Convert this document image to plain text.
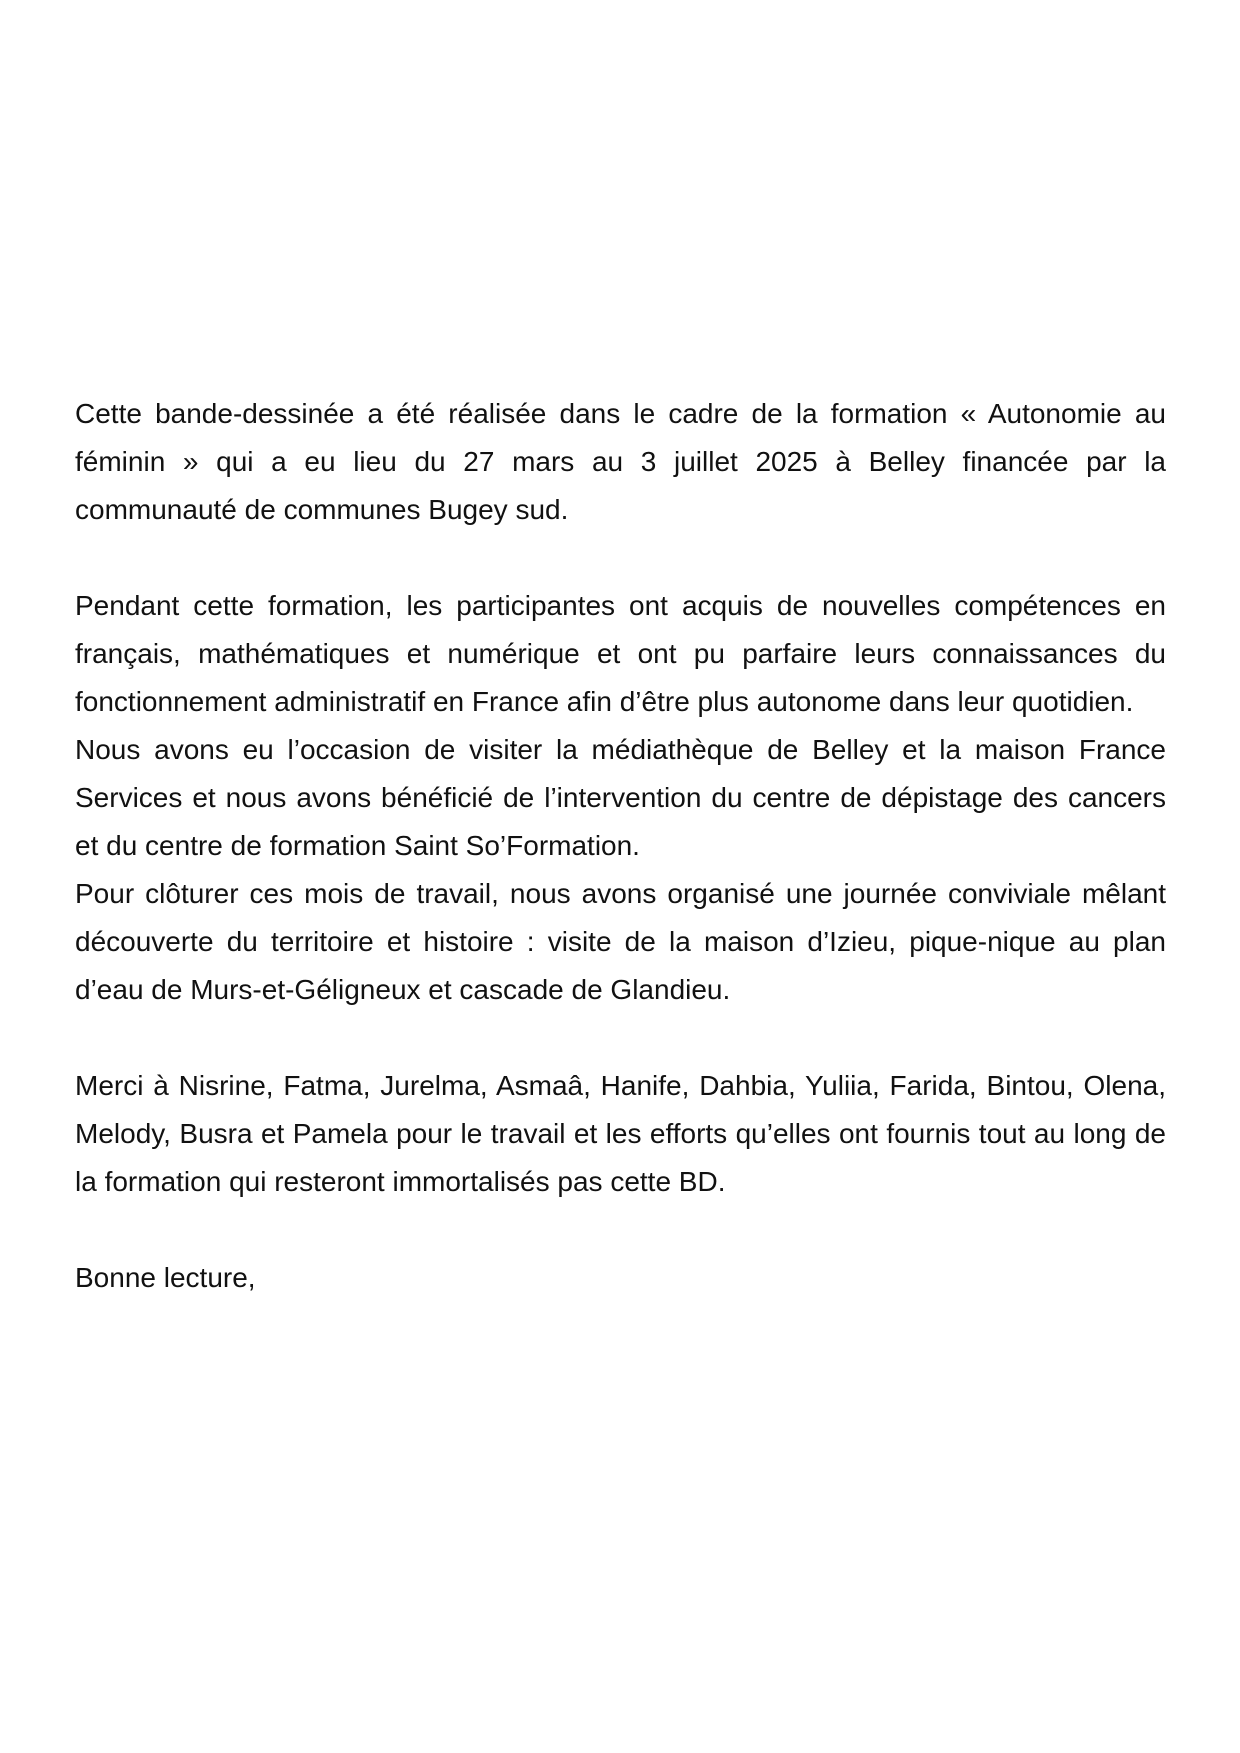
Cette bande-dessinée a été réalisée dans le cadre de la formation « Autonomie au féminin » qui a eu lieu du 27 mars au 3 juillet 2025 à Belley financée par la communauté de communes Bugey sud.

Pendant cette formation, les participantes ont acquis de nouvelles compétences en français, mathématiques et numérique et ont pu parfaire leurs connaissances du fonctionnement administratif en France afin d’être plus autonome dans leur quotidien.

Nous avons eu l’occasion de visiter la médiathèque de Belley et la maison France Services et nous avons bénéficié de l’intervention du centre de dépistage des cancers et du centre de formation Saint So’Formation.

Pour clôturer ces mois de travail, nous avons organisé une journée conviviale mêlant découverte du territoire et histoire : visite de la maison d’Izieu, pique-nique au plan d’eau de Murs-et-Géligneux et cascade de Glandieu.

Merci à Nisrine, Fatma, Jurelma, Asmaâ, Hanife, Dahbia, Yuliia, Farida, Bintou, Olena, Melody, Busra et Pamela pour le travail et les efforts qu’elles ont fournis tout au long de la formation qui resteront immortalisés pas cette BD.

Bonne lecture,
